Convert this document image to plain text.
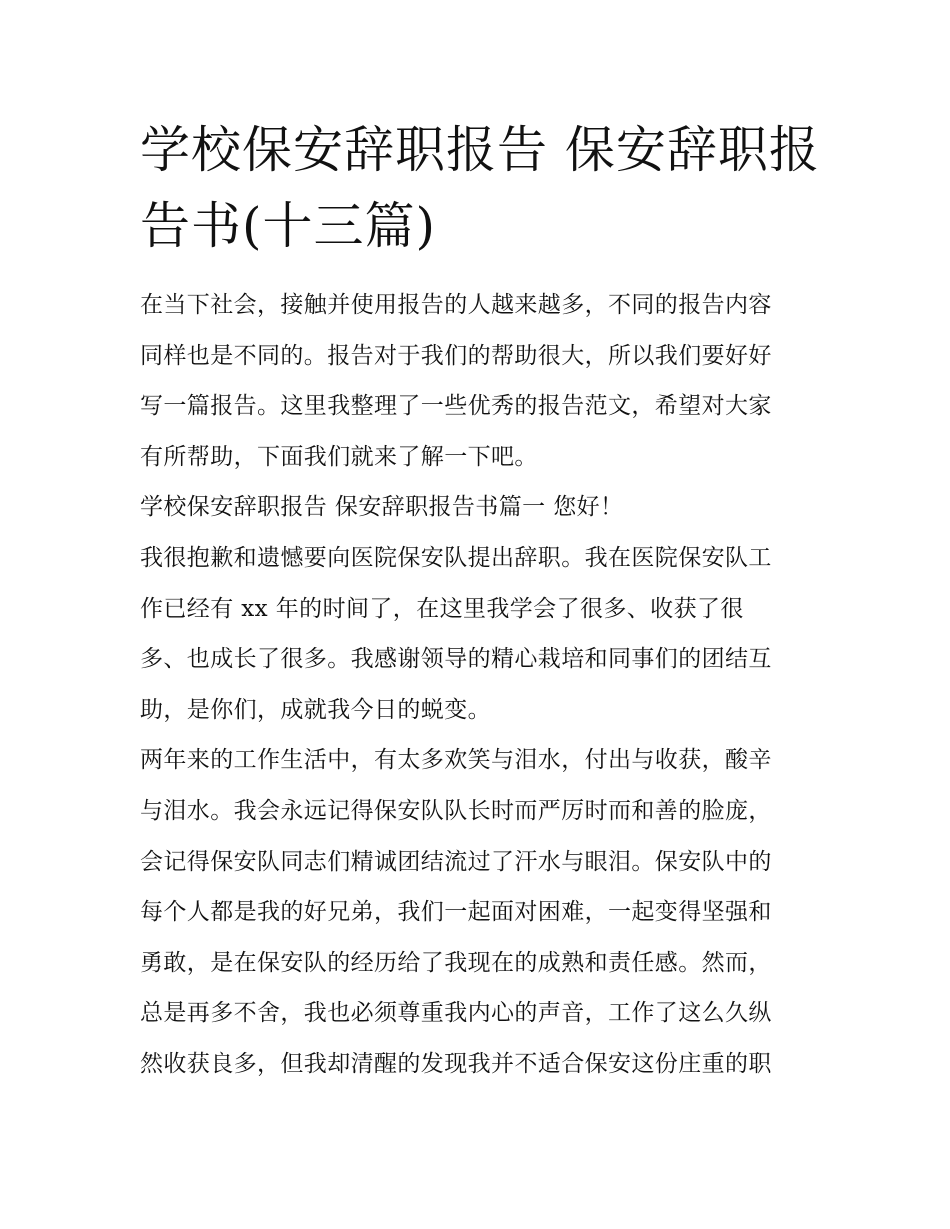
学校保安辞职报告 保安辞职报
告书(十三篇)
在当下社会，接触并使用报告的人越来越多，不同的报告内容
同样也是不同的。报告对于我们的帮助很大，所以我们要好好
写一篇报告。这里我整理了一些优秀的报告范文，希望对大家
有所帮助，下面我们就来了解一下吧。
学校保安辞职报告 保安辞职报告书篇一 您好！
我很抱歉和遗憾要向医院保安队提出辞职。我在医院保安队工
作已经有 xx 年的时间了，在这里我学会了很多、收获了很
多、也成长了很多。我感谢领导的精心栽培和同事们的团结互
助，是你们，成就我今日的蜕变。
两年来的工作生活中，有太多欢笑与泪水，付出与收获，酸辛
与泪水。我会永远记得保安队队长时而严厉时而和善的脸庞，
会记得保安队同志们精诚团结流过了汗水与眼泪。保安队中的
每个人都是我的好兄弟，我们一起面对困难，一起变得坚强和
勇敢，是在保安队的经历给了我现在的成熟和责任感。然而，
总是再多不舍，我也必须尊重我内心的声音，工作了这么久纵
然收获良多，但我却清醒的发现我并不适合保安这份庄重的职
